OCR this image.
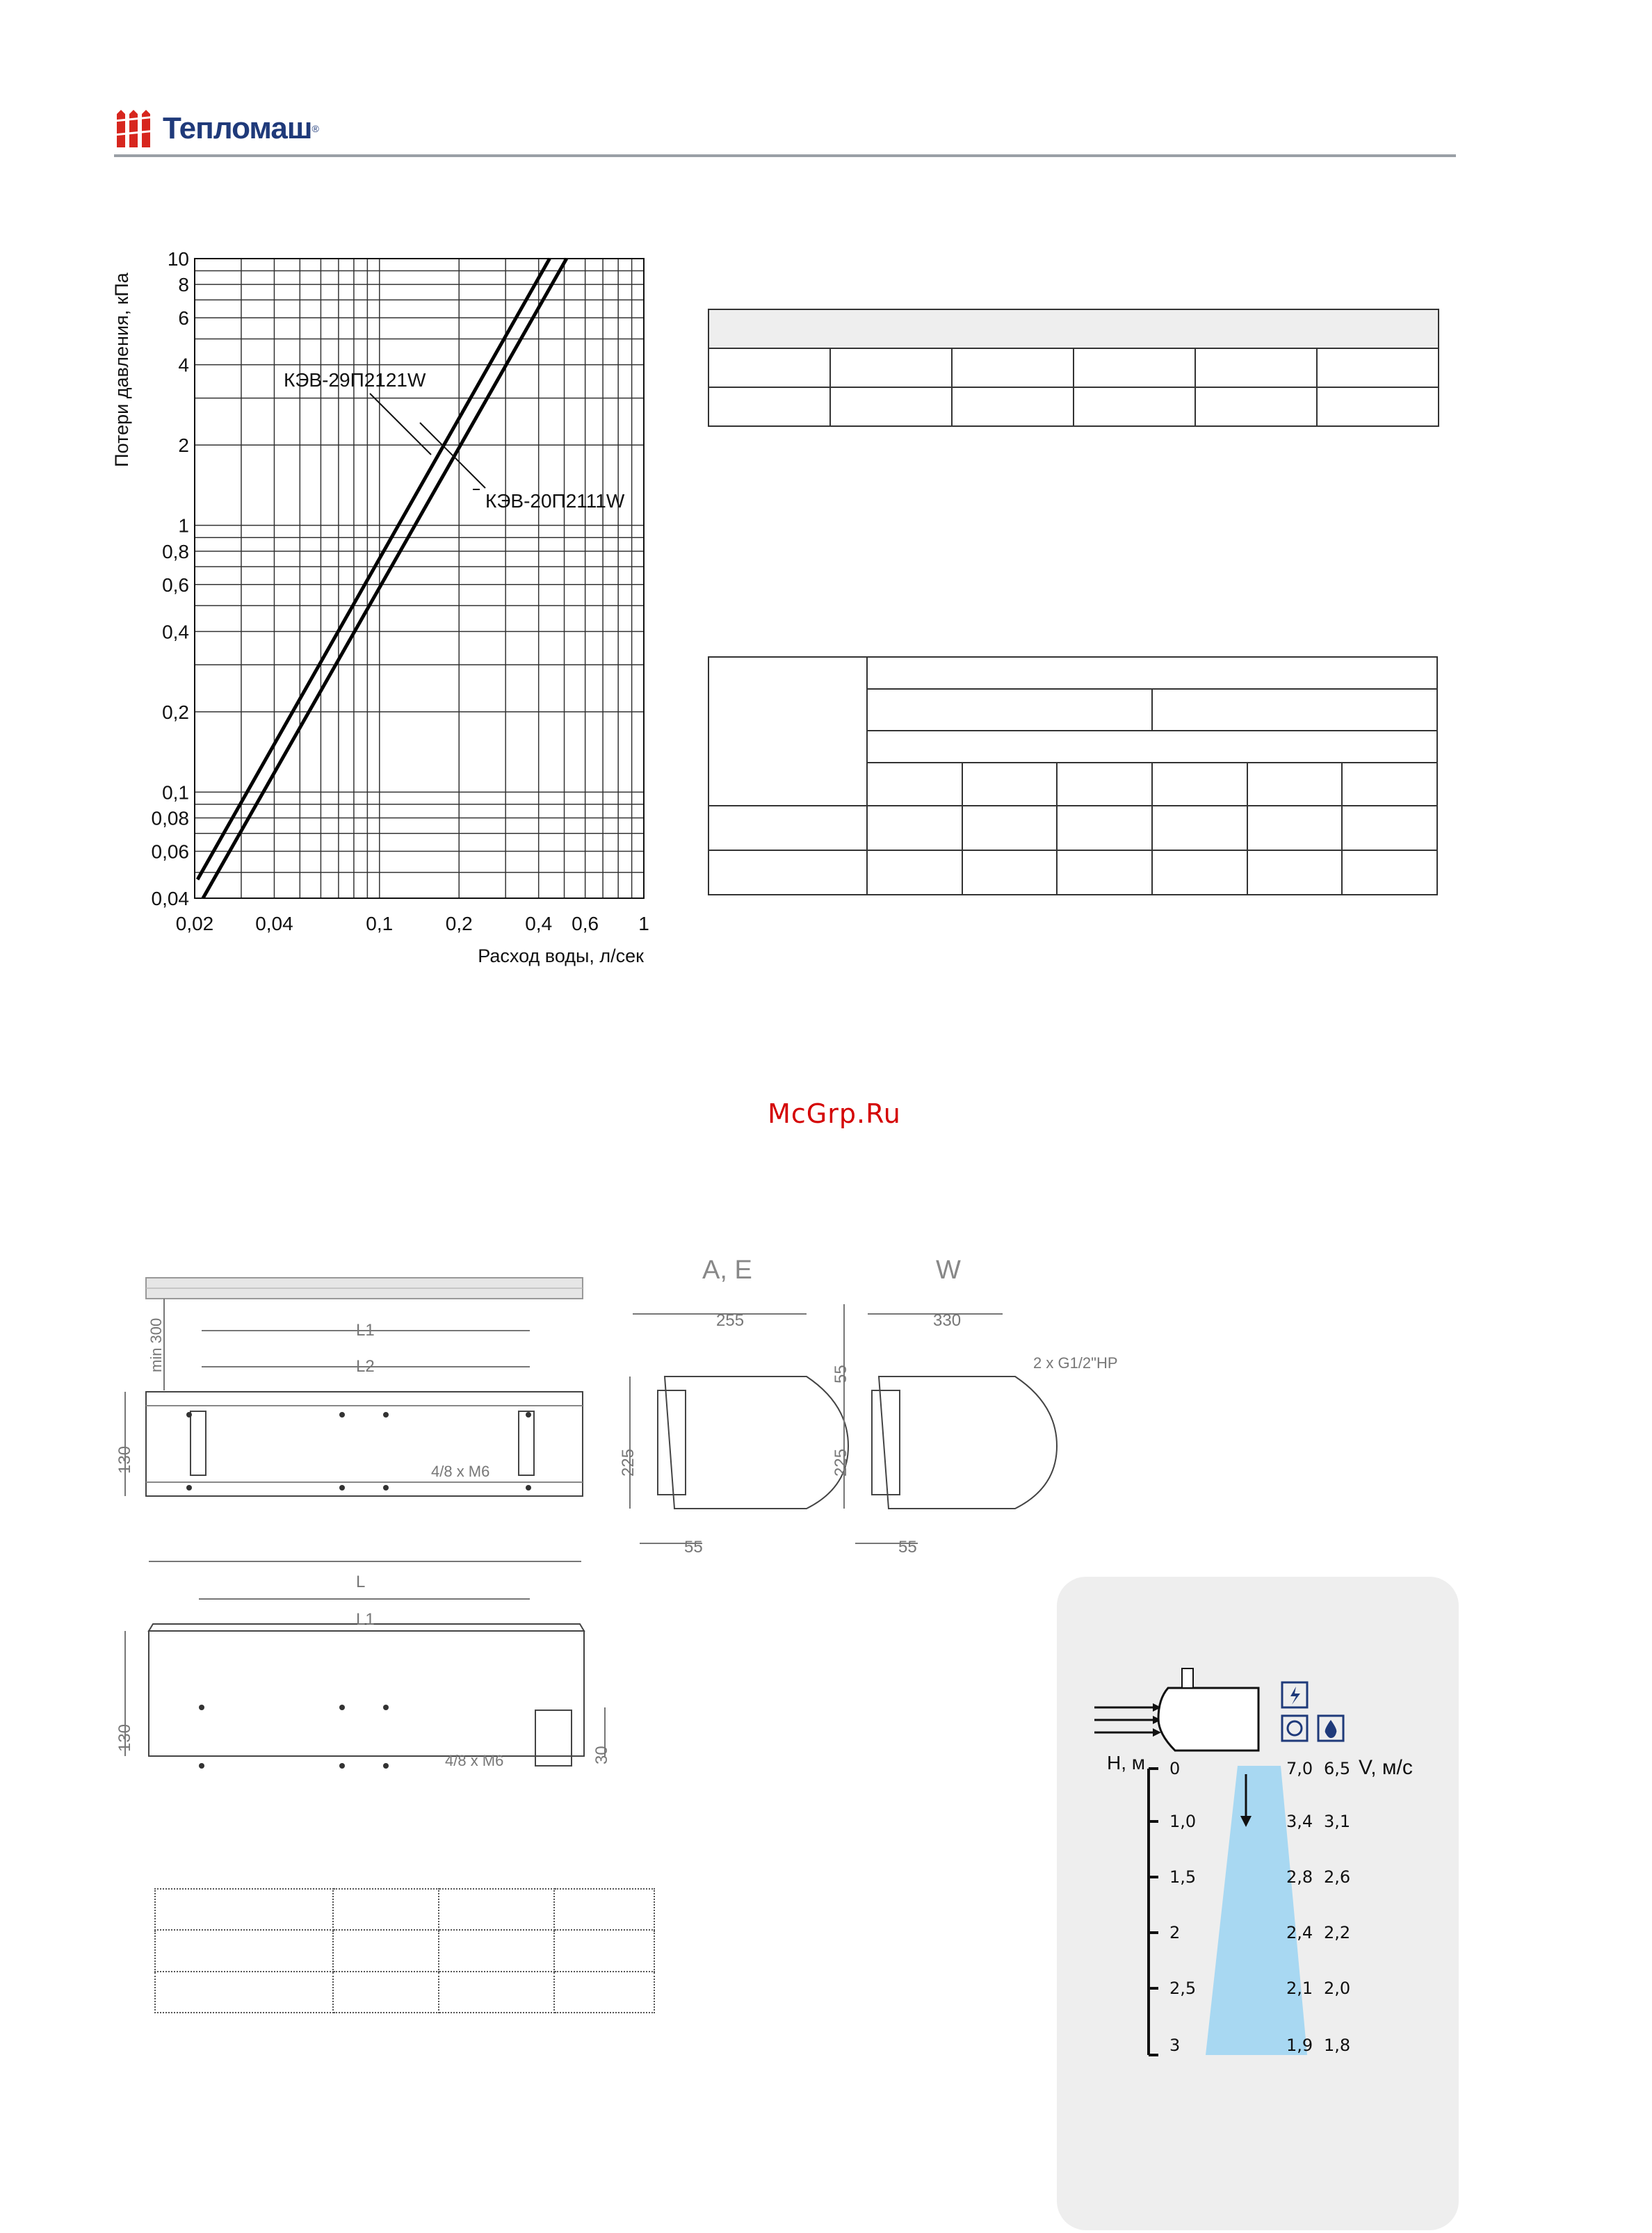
Тепломаш ®
0,02 0,04	0,1	0,2	0,4 0,6 1
10
8
6
4
2
1
0,8
0,6
0,4
0,2
0,1
0,08
0,06
0,04
Расход воды, л/сек
Потери давления, кПа	КЭВ-29П2121W
КЭВ-20П2111W

McGrp.Ru
A, E	W
L1
L2
min 300
130	4/8 x M6
255	330
2 x G1/2"HP
225	225
55
55	55
L
L1
130
4/8 x M6	30

				H, м	V, м/с
0	7,0 6,5
1,0	3,4 3,1
1,5	2,8 2,6
2	2,4 2,2
2,5	2,1 2,0
3	1,9 1,8
